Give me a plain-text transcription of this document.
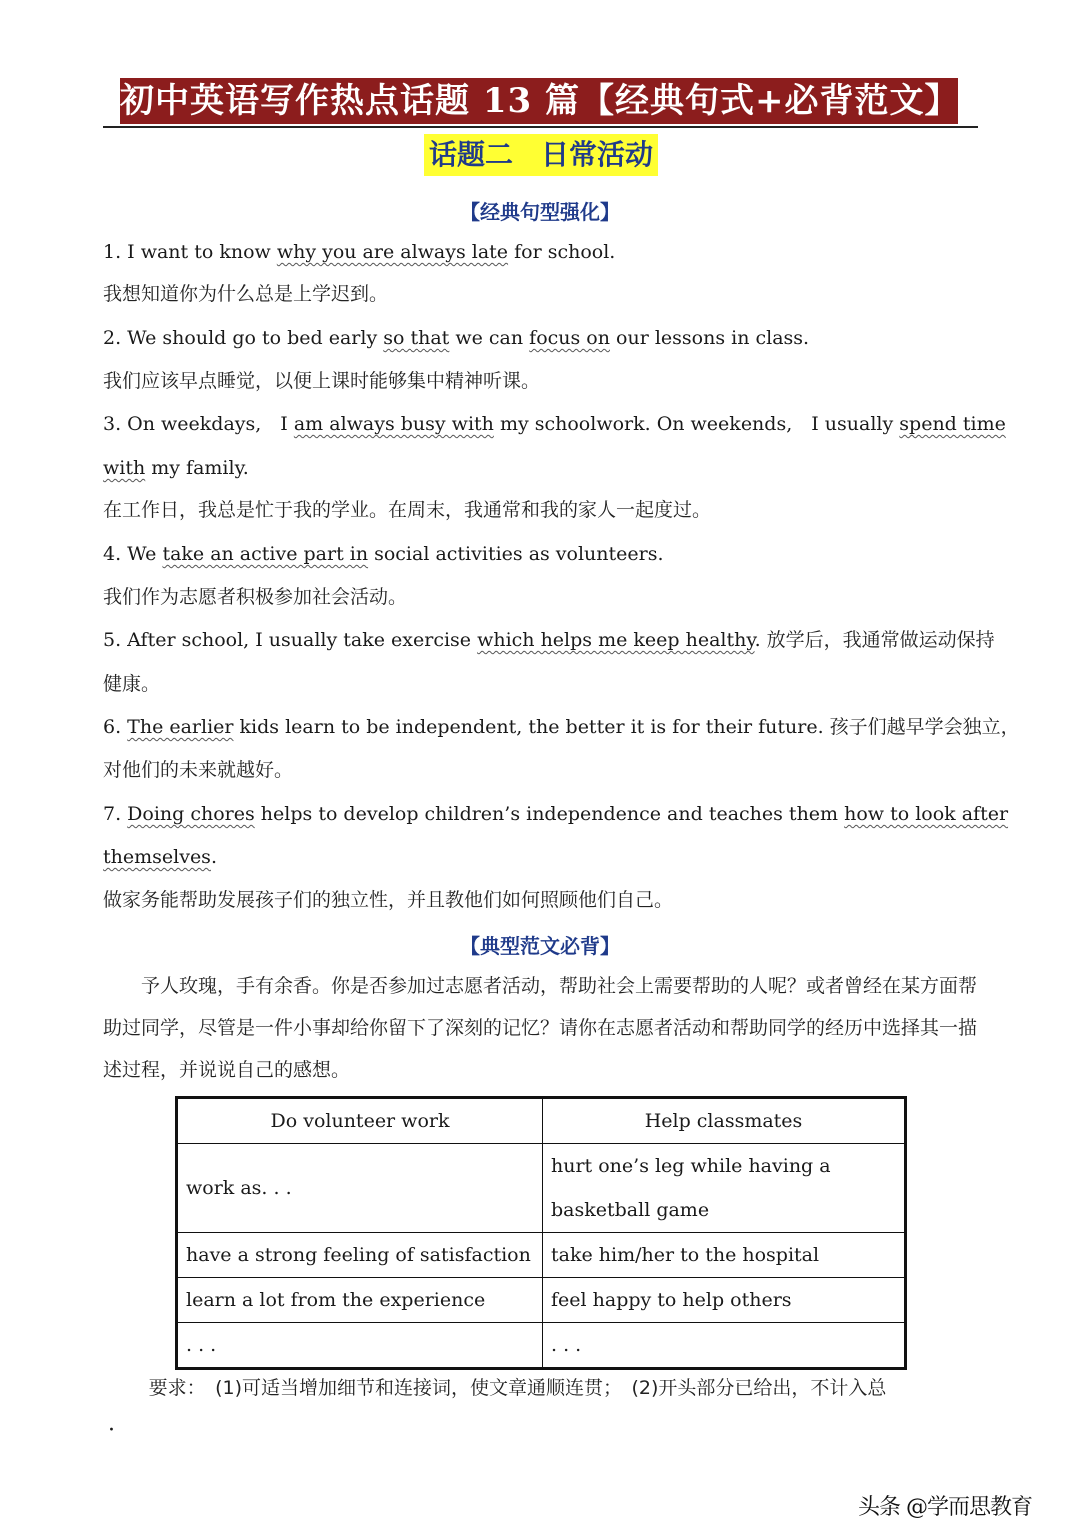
初中英语写作热点话题 13 篇【经典句式+必背范文】
话题二　日常活动
【经典句型强化】
1. I want to know why you are always late for school.
我想知道你为什么总是上学迟到。
2. We should go to bed early so that we can focus on our lessons in class.
我们应该早点睡觉，以便上课时能够集中精神听课。
3. On weekdays,　I am always busy with my schoolwork. On weekends,　I usually spend time
with my family.
在工作日，我总是忙于我的学业。在周末，我通常和我的家人一起度过。
4. We take an active part in social activities as volunteers.
我们作为志愿者积极参加社会活动。
5. After school, I usually take exercise which helps me keep healthy. 放学后，我通常做运动保持
健康。
6. The earlier kids learn to be independent, the better it is for their future. 孩子们越早学会独立，
对他们的未来就越好。
7. Doing chores helps to develop children’s independence and teaches them how to look after
themselves.
做家务能帮助发展孩子们的独立性，并且教他们如何照顾他们自己。
【典型范文必背】
予人玫瑰，手有余香。你是否参加过志愿者活动，帮助社会上需要帮助的人呢？或者曾经在某方面帮助过同学，尽管是一件小事却给你留下了深刻的记忆？请你在志愿者活动和帮助同学的经历中选择其一描述过程，并说说自己的感想。
Do volunteer work	Help classmates
work as. . .	hurt one’s leg while having a basketball game
have a strong feeling of satisfaction	take him/her to the hospital
learn a lot from the experience	feel happy to help others
. . .	. . .
要求：　(1)可适当增加细节和连接词，使文章通顺连贯；　(2)开头部分已给出，不计入总
·
头条 @学而思教育
